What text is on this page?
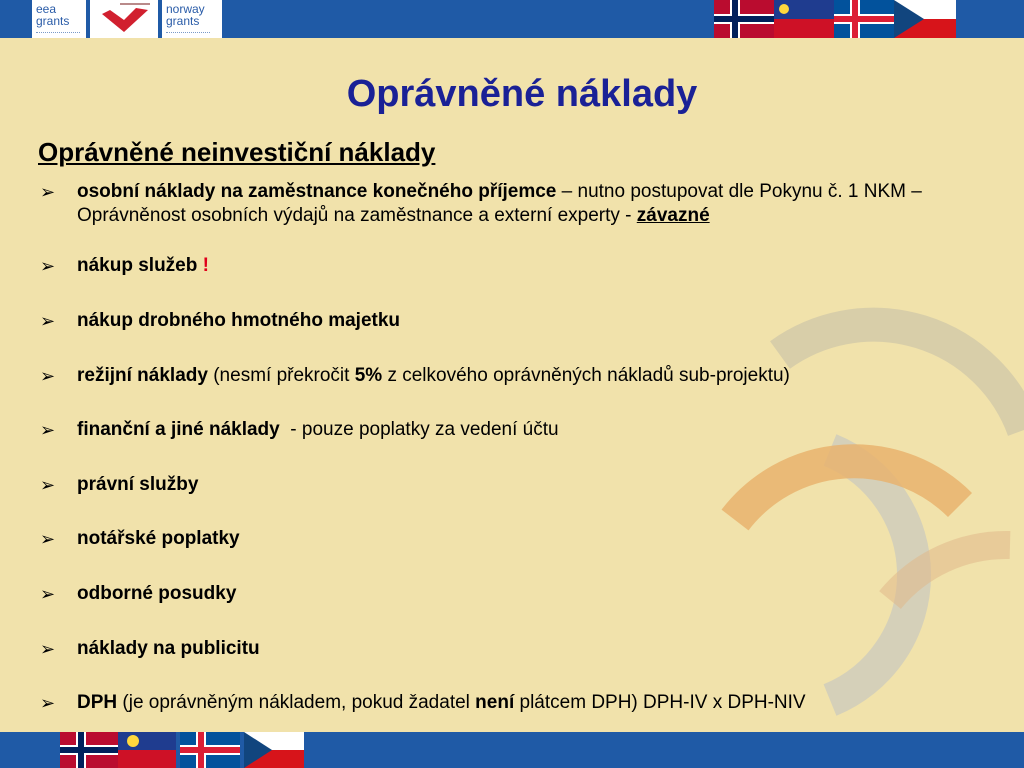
eea grants
norway grants
Oprávněné náklady
Oprávněné neinvestiční náklady
➢ osobní náklady na zaměstnance konečného příjemce – nutno postupovat dle Pokynu č. 1 NKM – Oprávněnost osobních výdajů na zaměstnance a externí experty - závazné
➢ nákup služeb !
➢ nákup drobného hmotného majetku
➢ režijní náklady (nesmí překročit 5% z celkového oprávněných nákladů sub-projektu)
➢ finanční a jiné náklady  - pouze poplatky za vedení účtu
➢ právní služby
➢ notářské poplatky
➢ odborné posudky
➢ náklady na publicitu
➢ DPH (je oprávněným nákladem, pokud žadatel není plátcem DPH) DPH-IV x DPH-NIV
